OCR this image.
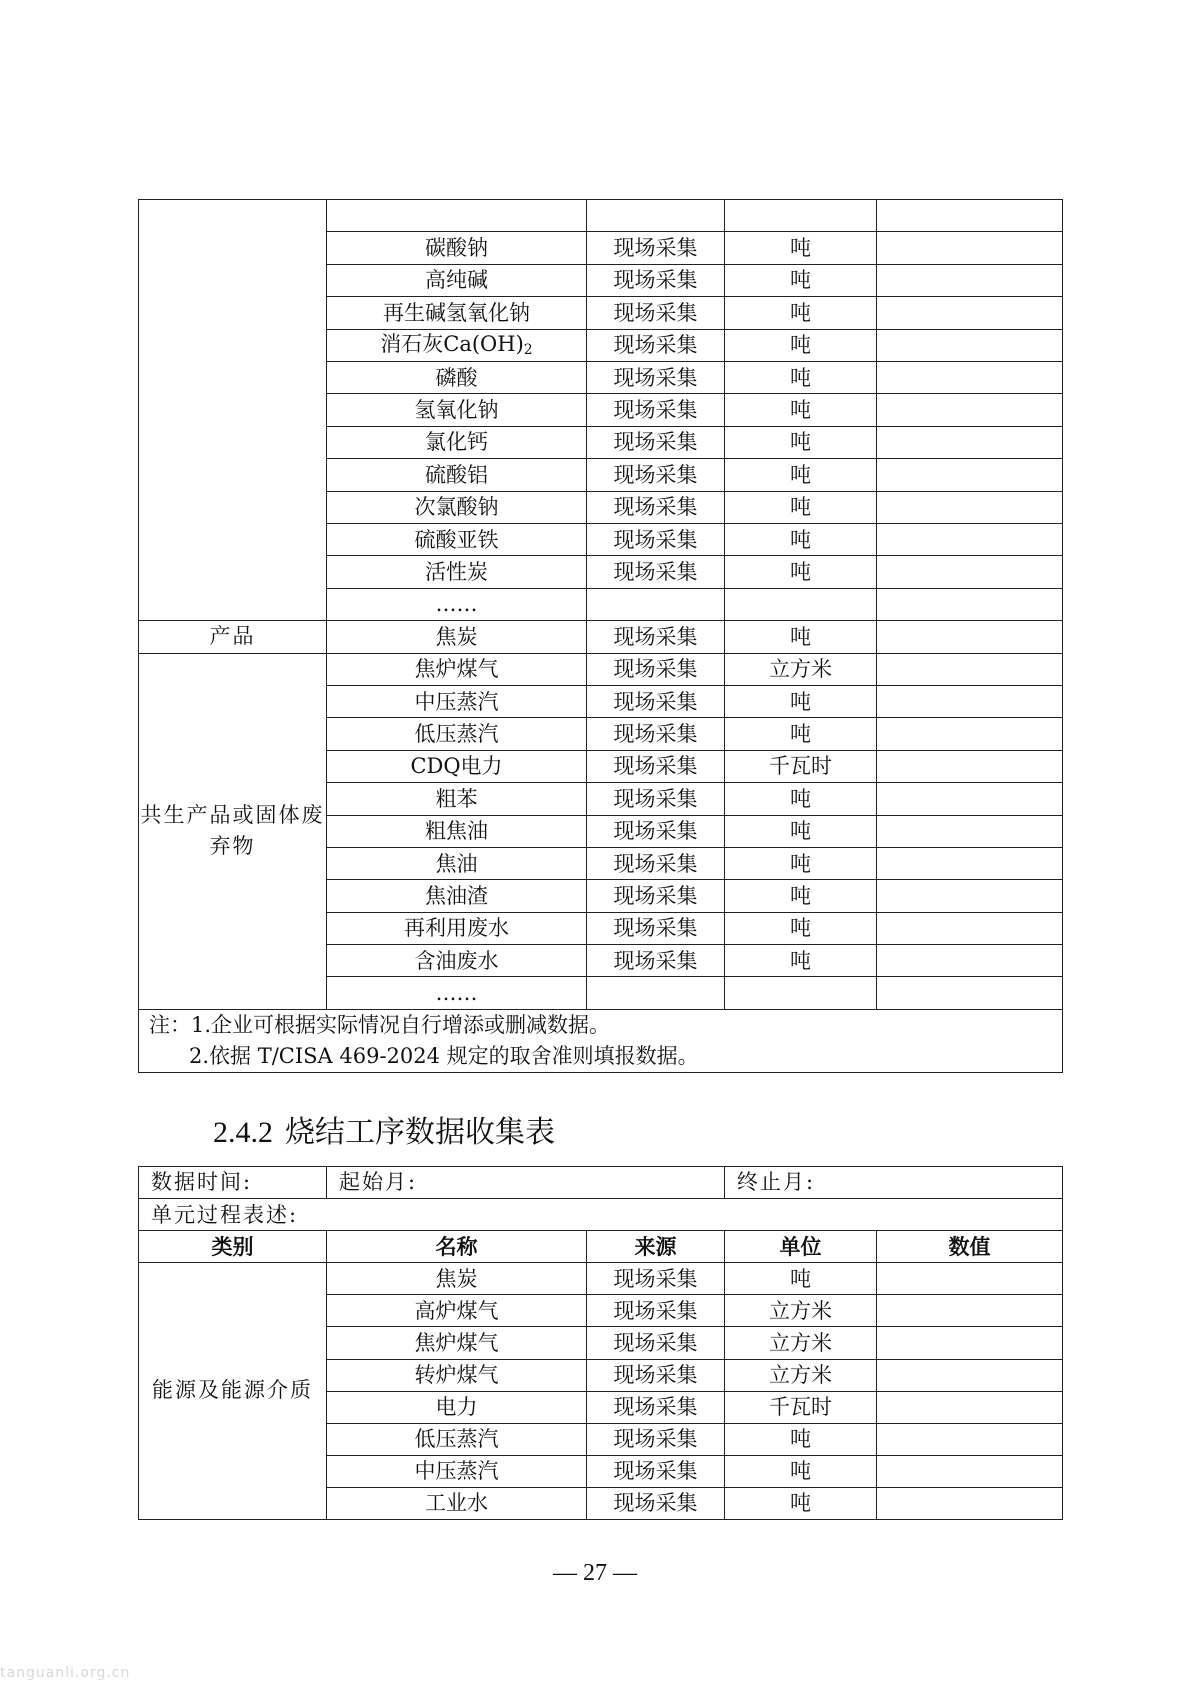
	碳酸钠	现场采集	吨	
	高纯碱	现场采集	吨	
	再生碱氢氧化钠	现场采集	吨	
	消石灰$Ca(OH)_2$	现场采集	吨	
	磷酸	现场采集	吨	
	氢氧化钠	现场采集	吨	
	氯化钙	现场采集	吨	
	硫酸铝	现场采集	吨	
	次氯酸钠	现场采集	吨	
	硫酸亚铁	现场采集	吨	
	活性炭	现场采集	吨	
	……			
产品	焦炭	现场采集	吨	
共生产品或固体废弃物	焦炉煤气	现场采集	立方米	
	中压蒸汽	现场采集	吨	
	低压蒸汽	现场采集	吨	
	CDQ电力	现场采集	千瓦时	
	粗苯	现场采集	吨	
	粗焦油	现场采集	吨	
	焦油	现场采集	吨	
	焦油渣	现场采集	吨	
	再利用废水	现场采集	吨	
	含油废水	现场采集	吨	
	……			

注：1.企业可根据实际情况自行增添或删减数据。
2.依据 T/CISA 469-2024 规定的取舍准则填报数据。				
2.4.2 烧结工序数据收集表
数据时间:	起始月:		终止月:	
单元过程表述:				
类别	名称	来源	单位	数值
能源及能源介质	焦炭	现场采集	吨	
	高炉煤气	现场采集	立方米	
	焦炉煤气	现场采集	立方米	
	转炉煤气	现场采集	立方米	
	电力	现场采集	千瓦时	
	低压蒸汽	现场采集	吨	
	中压蒸汽	现场采集	吨	
	工业水	现场采集	吨	
— 27 —
tanguanli.org.cn
